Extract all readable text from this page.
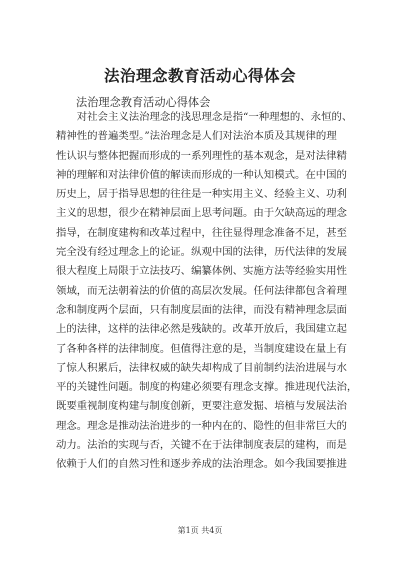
法治理念教育活动心得体会
法治理念教育活动心得体会
　　对社会主义法治理念的浅思理念是指“一种理想的、永恒的、
精神性的普遍类型。”法治理念是人们对法治本质及其规律的理
性认识与整体把握而形成的一系列理性的基本观念，是对法律精
神的理解和对法律价值的解读而形成的一种认知模式。在中国的
历史上，居于指导思想的往往是一种实用主义、经验主义、功利
主义的思想，很少在精神层面上思考问题。由于欠缺高远的理念
指导，在制度建构和改革过程中，往往显得理念准备不足，甚至
完全没有经过理念上的论证。纵观中国的法律，历代法律的发展
很大程度上局限于立法技巧、编纂体例、实施方法等经验实用性
领域，而无法朝着法的价值的高层次发展。任何法律都包含着理
念和制度两个层面，只有制度层面的法律，而没有精神理念层面
上的法律，这样的法律必然是残缺的。改革开放后，我国建立起
了各种各样的法律制度。但值得注意的是，当制度建设在量上有
了惊人积累后，法律权威的缺失却构成了目前制约法治进展与水
平的关键性问题。制度的构建必须要有理念支撑。推进现代法治，
既要重视制度构建与制度创新，更要注意发掘、培植与发展法治
理念。理念是推动法治进步的一种内在的、隐性的但非常巨大的
动力。法治的实现与否，关键不在于法律制度表层的建构，而是
依赖于人们的自然习性和逐步养成的法治理念。如今我国要推进
第1页 共4页
